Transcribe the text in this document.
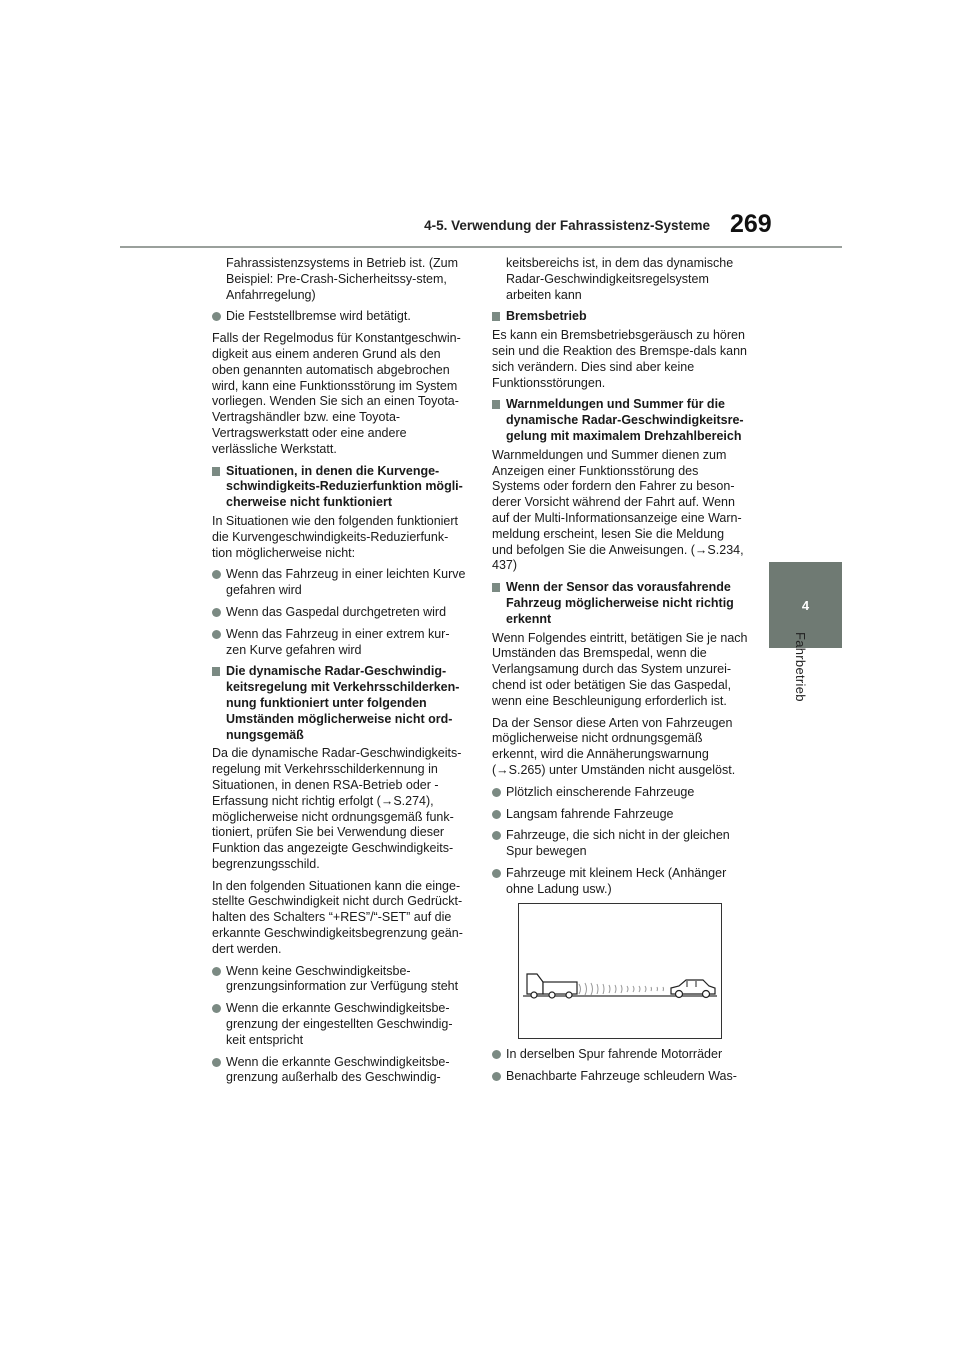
4-5. Verwendung der Fahrassistenz-Systeme 269
4
Fahrbetrieb
Fahrassistenzsystems in Betrieb ist. (Zum Beispiel: Pre-Crash-Sicherheitssy-stem, Anfahrregelung)
Die Feststellbremse wird betätigt.
Falls der Regelmodus für Konstantgeschwin-digkeit aus einem anderen Grund als den oben genannten automatisch abgebrochen wird, kann eine Funktionsstörung im System vorliegen. Wenden Sie sich an einen Toyota-Vertragshändler bzw. eine Toyota-Vertragswerkstatt oder eine andere verlässliche Werkstatt.
Situationen, in denen die Kurvenge-schwindigkeits-Reduzierfunktion mögli-cherweise nicht funktioniert
In Situationen wie den folgenden funktioniert die Kurvengeschwindigkeits-Reduzierfunk-tion möglicherweise nicht:
Wenn das Fahrzeug in einer leichten Kurve gefahren wird
Wenn das Gaspedal durchgetreten wird
Wenn das Fahrzeug in einer extrem kur-zen Kurve gefahren wird
Die dynamische Radar-Geschwindig-keitsregelung mit Verkehrsschilderken-nung funktioniert unter folgenden Umständen möglicherweise nicht ord-nungsgemäß
Da die dynamische Radar-Geschwindigkeits-regelung mit Verkehrsschilderkennung in Situationen, in denen RSA-Betrieb oder -Erfassung nicht richtig erfolgt (→S.274), möglicherweise nicht ordnungsgemäß funk-tioniert, prüfen Sie bei Verwendung dieser Funktion das angezeigte Geschwindigkeits-begrenzungsschild.
In den folgenden Situationen kann die einge-stellte Geschwindigkeit nicht durch Gedrückt-halten des Schalters “+RES”/“-SET” auf die erkannte Geschwindigkeitsbegrenzung geän-dert werden.
Wenn keine Geschwindigkeitsbe-grenzungsinformation zur Verfügung steht
Wenn die erkannte Geschwindigkeitsbe-grenzung der eingestellten Geschwindig-keit entspricht
Wenn die erkannte Geschwindigkeitsbe-grenzung außerhalb des Geschwindig-
keitsbereichs ist, in dem das dynamische Radar-Geschwindigkeitsregelsystem arbeiten kann
Bremsbetrieb
Es kann ein Bremsbetriebsgeräusch zu hören sein und die Reaktion des Bremspe-dals kann sich verändern. Dies sind aber keine Funktionsstörungen.
Warnmeldungen und Summer für die dynamische Radar-Geschwindigkeitsre-gelung mit maximalem Drehzahlbereich
Warnmeldungen und Summer dienen zum Anzeigen einer Funktionsstörung des Systems oder fordern den Fahrer zu beson-derer Vorsicht während der Fahrt auf. Wenn auf der Multi-Informationsanzeige eine Warn-meldung erscheint, lesen Sie die Meldung und befolgen Sie die Anweisungen. (→S.234, 437)
Wenn der Sensor das vorausfahrende Fahrzeug möglicherweise nicht richtig erkennt
Wenn Folgendes eintritt, betätigen Sie je nach Umständen das Bremspedal, wenn die Verlangsamung durch das System unzurei-chend ist oder betätigen Sie das Gaspedal, wenn eine Beschleunigung erforderlich ist.
Da der Sensor diese Arten von Fahrzeugen möglicherweise nicht ordnungsgemäß erkennt, wird die Annäherungswarnung (→S.265) unter Umständen nicht ausgelöst.
Plötzlich einscherende Fahrzeuge
Langsam fahrende Fahrzeuge
Fahrzeuge, die sich nicht in der gleichen Spur bewegen
Fahrzeuge mit kleinem Heck (Anhänger ohne Ladung usw.)
In derselben Spur fahrende Motorräder
Benachbarte Fahrzeuge schleudern Was-
